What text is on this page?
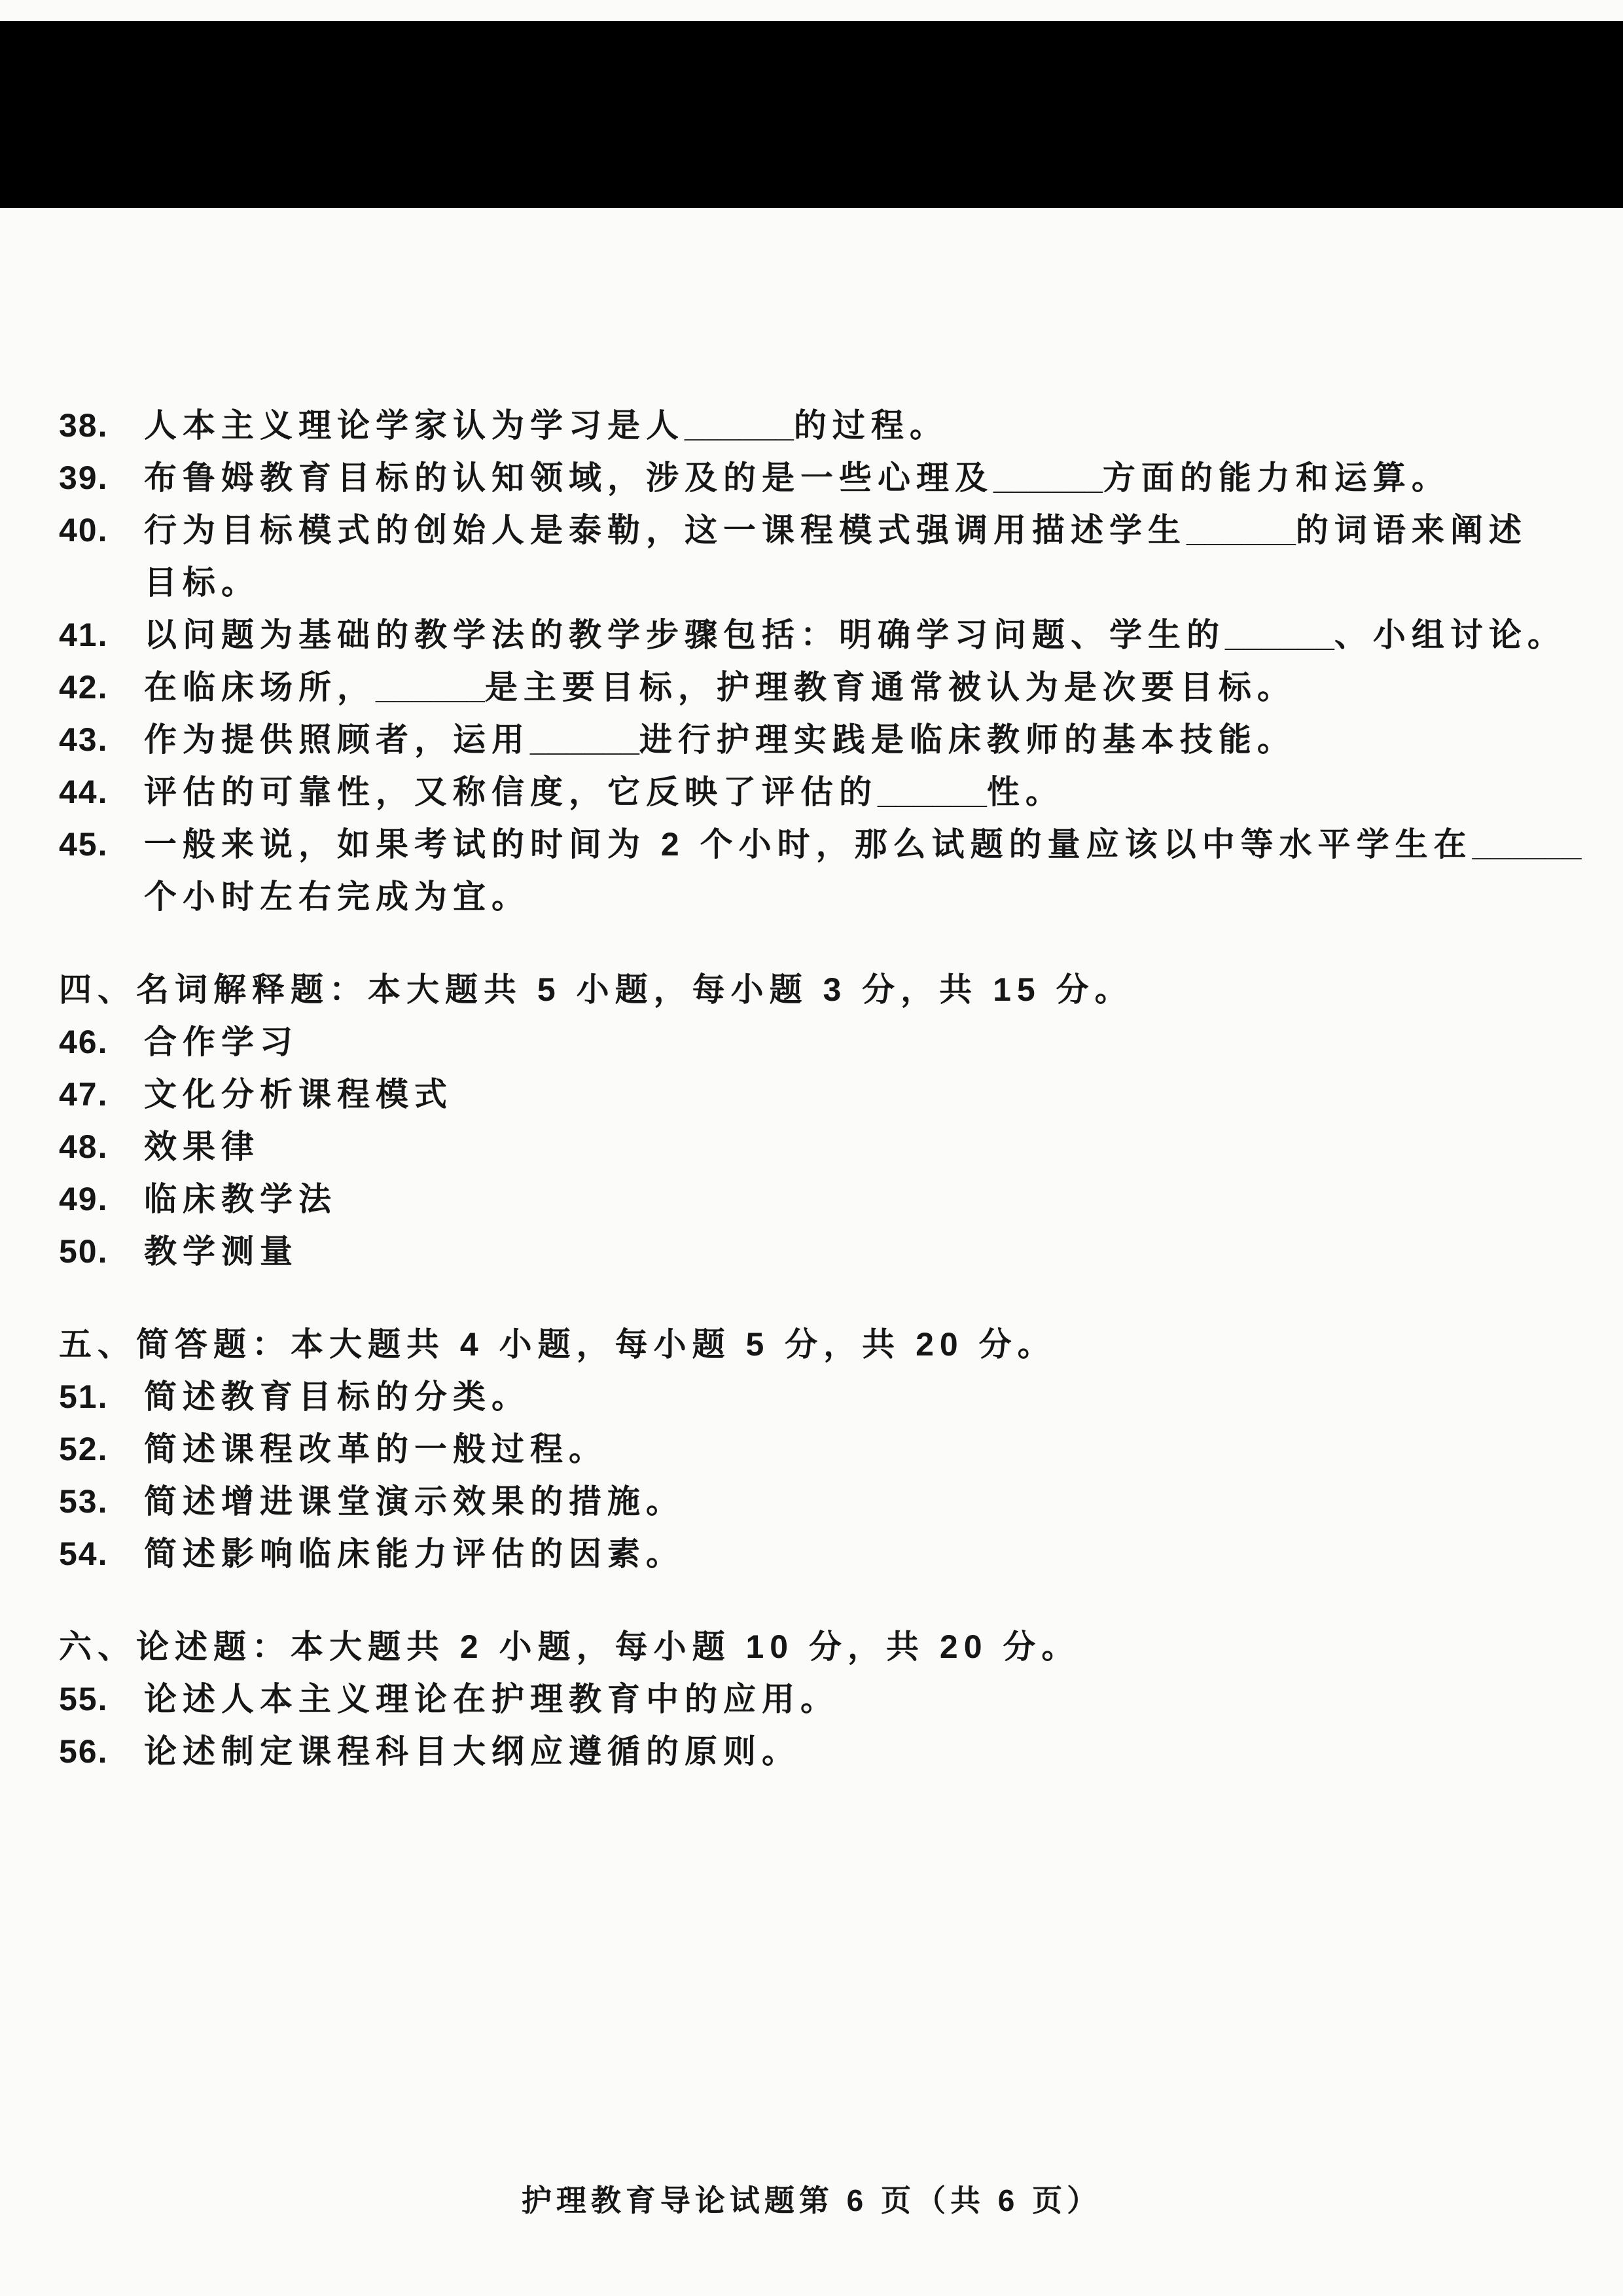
38.	人本主义理论学家认为学习是人______的过程。
39.	布鲁姆教育目标的认知领域，涉及的是一些心理及______方面的能力和运算。
40.	行为目标模式的创始人是泰勒，这一课程模式强调用描述学生______的词语来阐述
目标。
41.	以问题为基础的教学法的教学步骤包括：明确学习问题、学生的______、小组讨论。
42.	在临床场所，______是主要目标，护理教育通常被认为是次要目标。
43.	作为提供照顾者，运用______进行护理实践是临床教师的基本技能。
44.	评估的可靠性，又称信度，它反映了评估的______性。
45.	一般来说，如果考试的时间为 2 个小时，那么试题的量应该以中等水平学生在______
个小时左右完成为宜。
四、名词解释题：本大题共 5 小题，每小题 3 分，共 15 分。
46.	合作学习
47.	文化分析课程模式
48.	效果律
49.	临床教学法
50.	教学测量
五、简答题：本大题共 4 小题，每小题 5 分，共 20 分。
51.	简述教育目标的分类。
52.	简述课程改革的一般过程。
53.	简述增进课堂演示效果的措施。
54.	简述影响临床能力评估的因素。
六、论述题：本大题共 2 小题，每小题 10 分，共 20 分。
55.	论述人本主义理论在护理教育中的应用。
56.	论述制定课程科目大纲应遵循的原则。
护理教育导论试题第 6 页（共 6 页）
